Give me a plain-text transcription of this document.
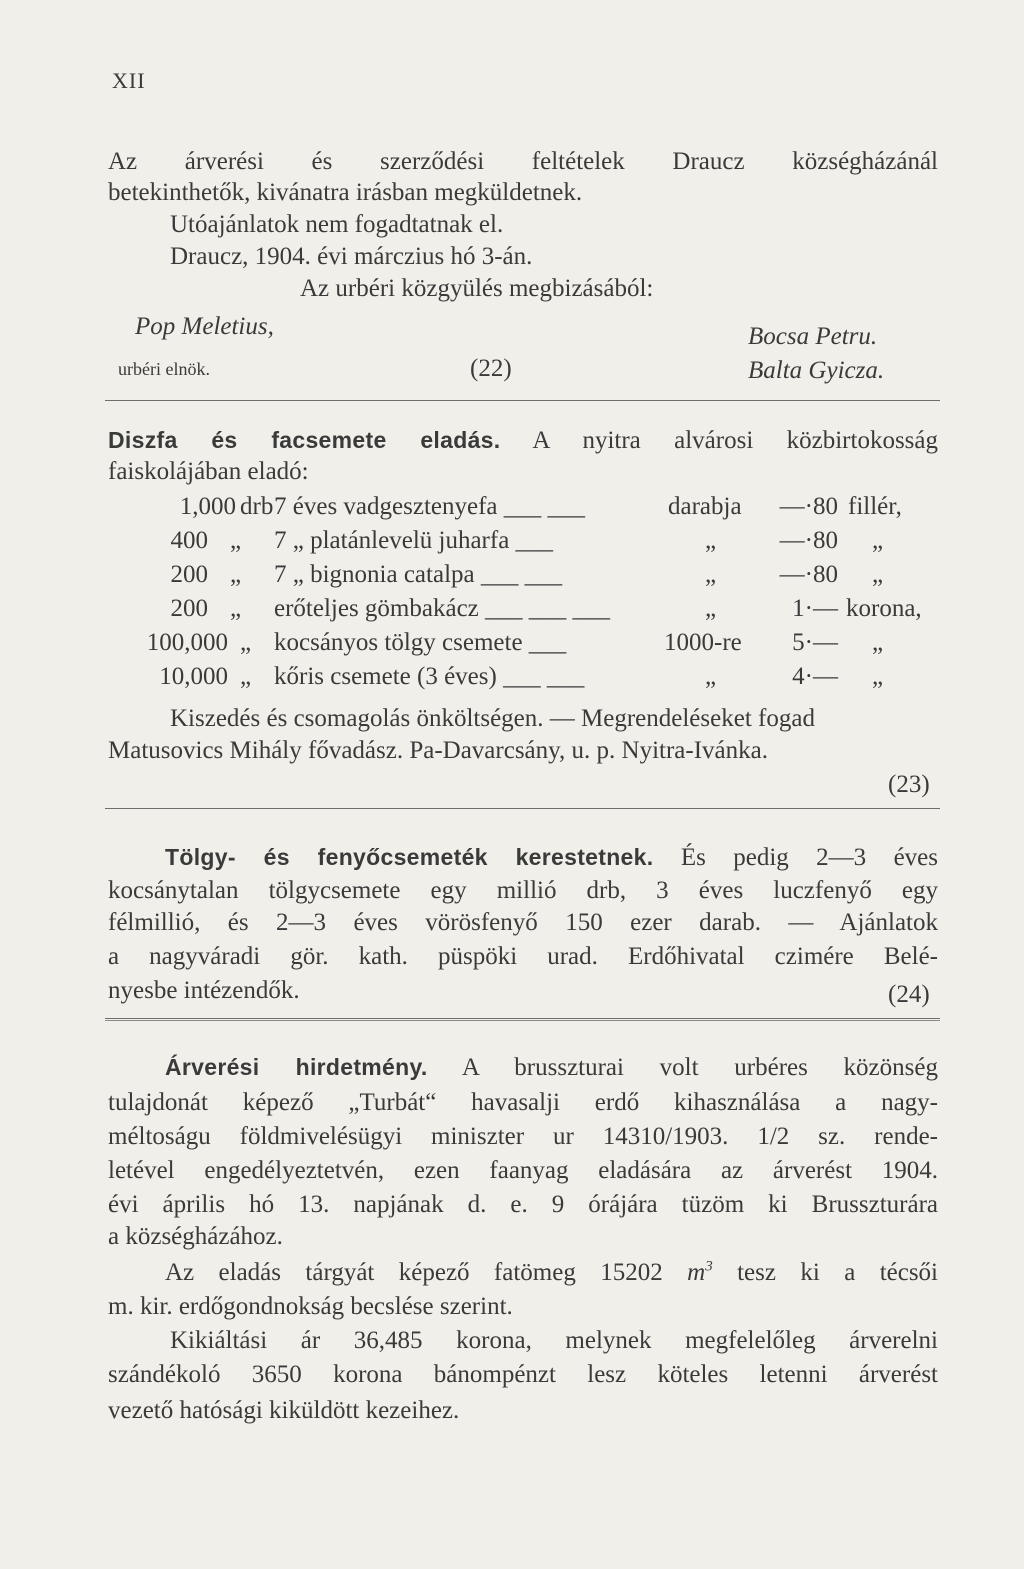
XII
Az árverési és szerződési feltételek Draucz községházánál
betekinthetők, kivánatra irásban megküldetnek.
Utóajánlatok nem fogadtatnak el.
Draucz, 1904. évi márczius hó 3-án.
Az urbéri közgyülés megbizásából:
Pop Meletius,	Bocsa Petru.
urbéri elnök.	(22)	Balta Gyicza.
Diszfa és facsemete eladás. A nyitra alvárosi közbirtokosság
faiskolájában eladó:
1,000 drb 7 éves vadgesztenyefa ___ ___	darabja	—·80 fillér,
400 „ 7 „ platánlevelü juharfa ___	„	—·80 „
200 „ 7 „ bignonia catalpa ___ ___	„	—·80 „
200 „ erőteljes gömbakácz ___ ___ ___	„	1·— korona,
100,000 „ kocsányos tölgy csemete ___	1000-re	5·— „
10,000 „ kőris csemete (3 éves) ___ ___	„	4·— „
Kiszedés és csomagolás önköltségen. — Megrendeléseket fogad
Matusovics Mihály fővadász. Pa-Davarcsány, u. p. Nyitra-Ivánka.
(23)
Tölgy- és fenyőcsemeték kerestetnek. És pedig 2—3 éves
kocsánytalan tölgycsemete egy millió drb, 3 éves luczfenyő egy
félmillió, és 2—3 éves vörösfenyő 150 ezer darab. — Ajánlatok
a nagyváradi gör. kath. püspöki urad. Erdőhivatal czimére Belé-
nyesbe intézendők.	(24)
Árverési hirdetmény. A brusszturai volt urbéres közönség
tulajdonát képező „Turbát“ havasalji erdő kihasználása a nagy-
méltoságu földmivelésügyi miniszter ur 14310/1903. 1/2 sz. rende-
letével engedélyeztetvén, ezen faanyag eladására az árverést 1904.
évi április hó 13. napjának d. e. 9 órájára tüzöm ki Brusszturára
a községházához.
Az eladás tárgyát képező fatömeg 15202 $m^3$ tesz ki a técsői
m. kir. erdőgondnokság becslése szerint.
Kikiáltási ár 36,485 korona, melynek megfelelőleg árverelni
szándékoló 3650 korona bánompénzt lesz köteles letenni árverést
vezető hatósági kiküldött kezeihez.
